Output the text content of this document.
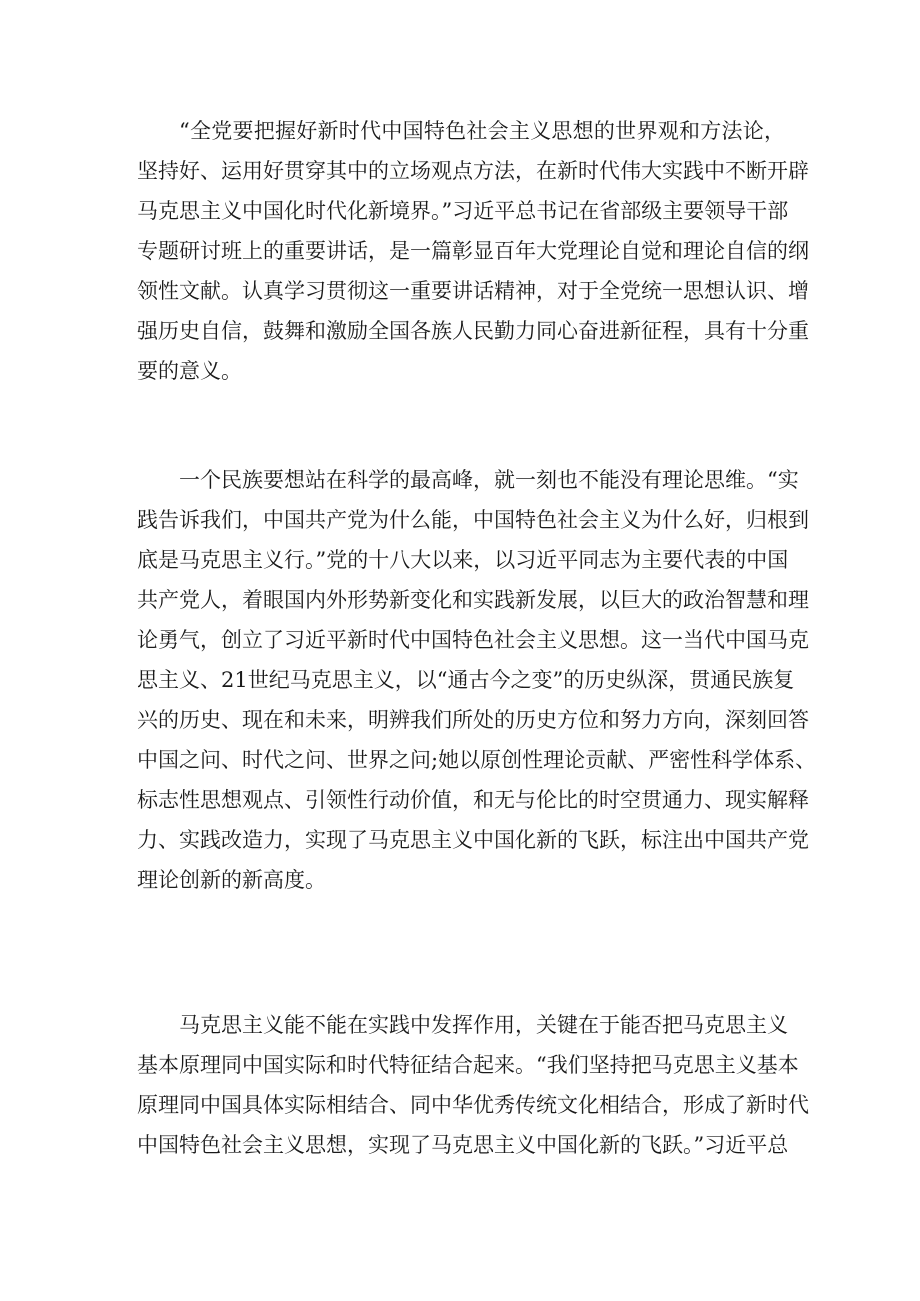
“全党要把握好新时代中国特色社会主义思想的世界观和方法论，
坚持好、运用好贯穿其中的立场观点方法，在新时代伟大实践中不断开辟
马克思主义中国化时代化新境界。”习近平总书记在省部级主要领导干部
专题研讨班上的重要讲话，是一篇彰显百年大党理论自觉和理论自信的纲
领性文献。认真学习贯彻这一重要讲话精神，对于全党统一思想认识、增
强历史自信，鼓舞和激励全国各族人民勤力同心奋进新征程，具有十分重
要的意义。
一个民族要想站在科学的最高峰，就一刻也不能没有理论思维。“实
践告诉我们，中国共产党为什么能，中国特色社会主义为什么好，归根到
底是马克思主义行。”党的十八大以来，以习近平同志为主要代表的中国
共产党人，着眼国内外形势新变化和实践新发展，以巨大的政治智慧和理
论勇气，创立了习近平新时代中国特色社会主义思想。这一当代中国马克
思主义、21世纪马克思主义，以“通古今之变”的历史纵深，贯通民族复
兴的历史、现在和未来，明辨我们所处的历史方位和努力方向，深刻回答
中国之问、时代之问、世界之问;她以原创性理论贡献、严密性科学体系、
标志性思想观点、引领性行动价值，和无与伦比的时空贯通力、现实解释
力、实践改造力，实现了马克思主义中国化新的飞跃，标注出中国共产党
理论创新的新高度。
马克思主义能不能在实践中发挥作用，关键在于能否把马克思主义
基本原理同中国实际和时代特征结合起来。“我们坚持把马克思主义基本
原理同中国具体实际相结合、同中华优秀传统文化相结合，形成了新时代
中国特色社会主义思想，实现了马克思主义中国化新的飞跃。”习近平总
